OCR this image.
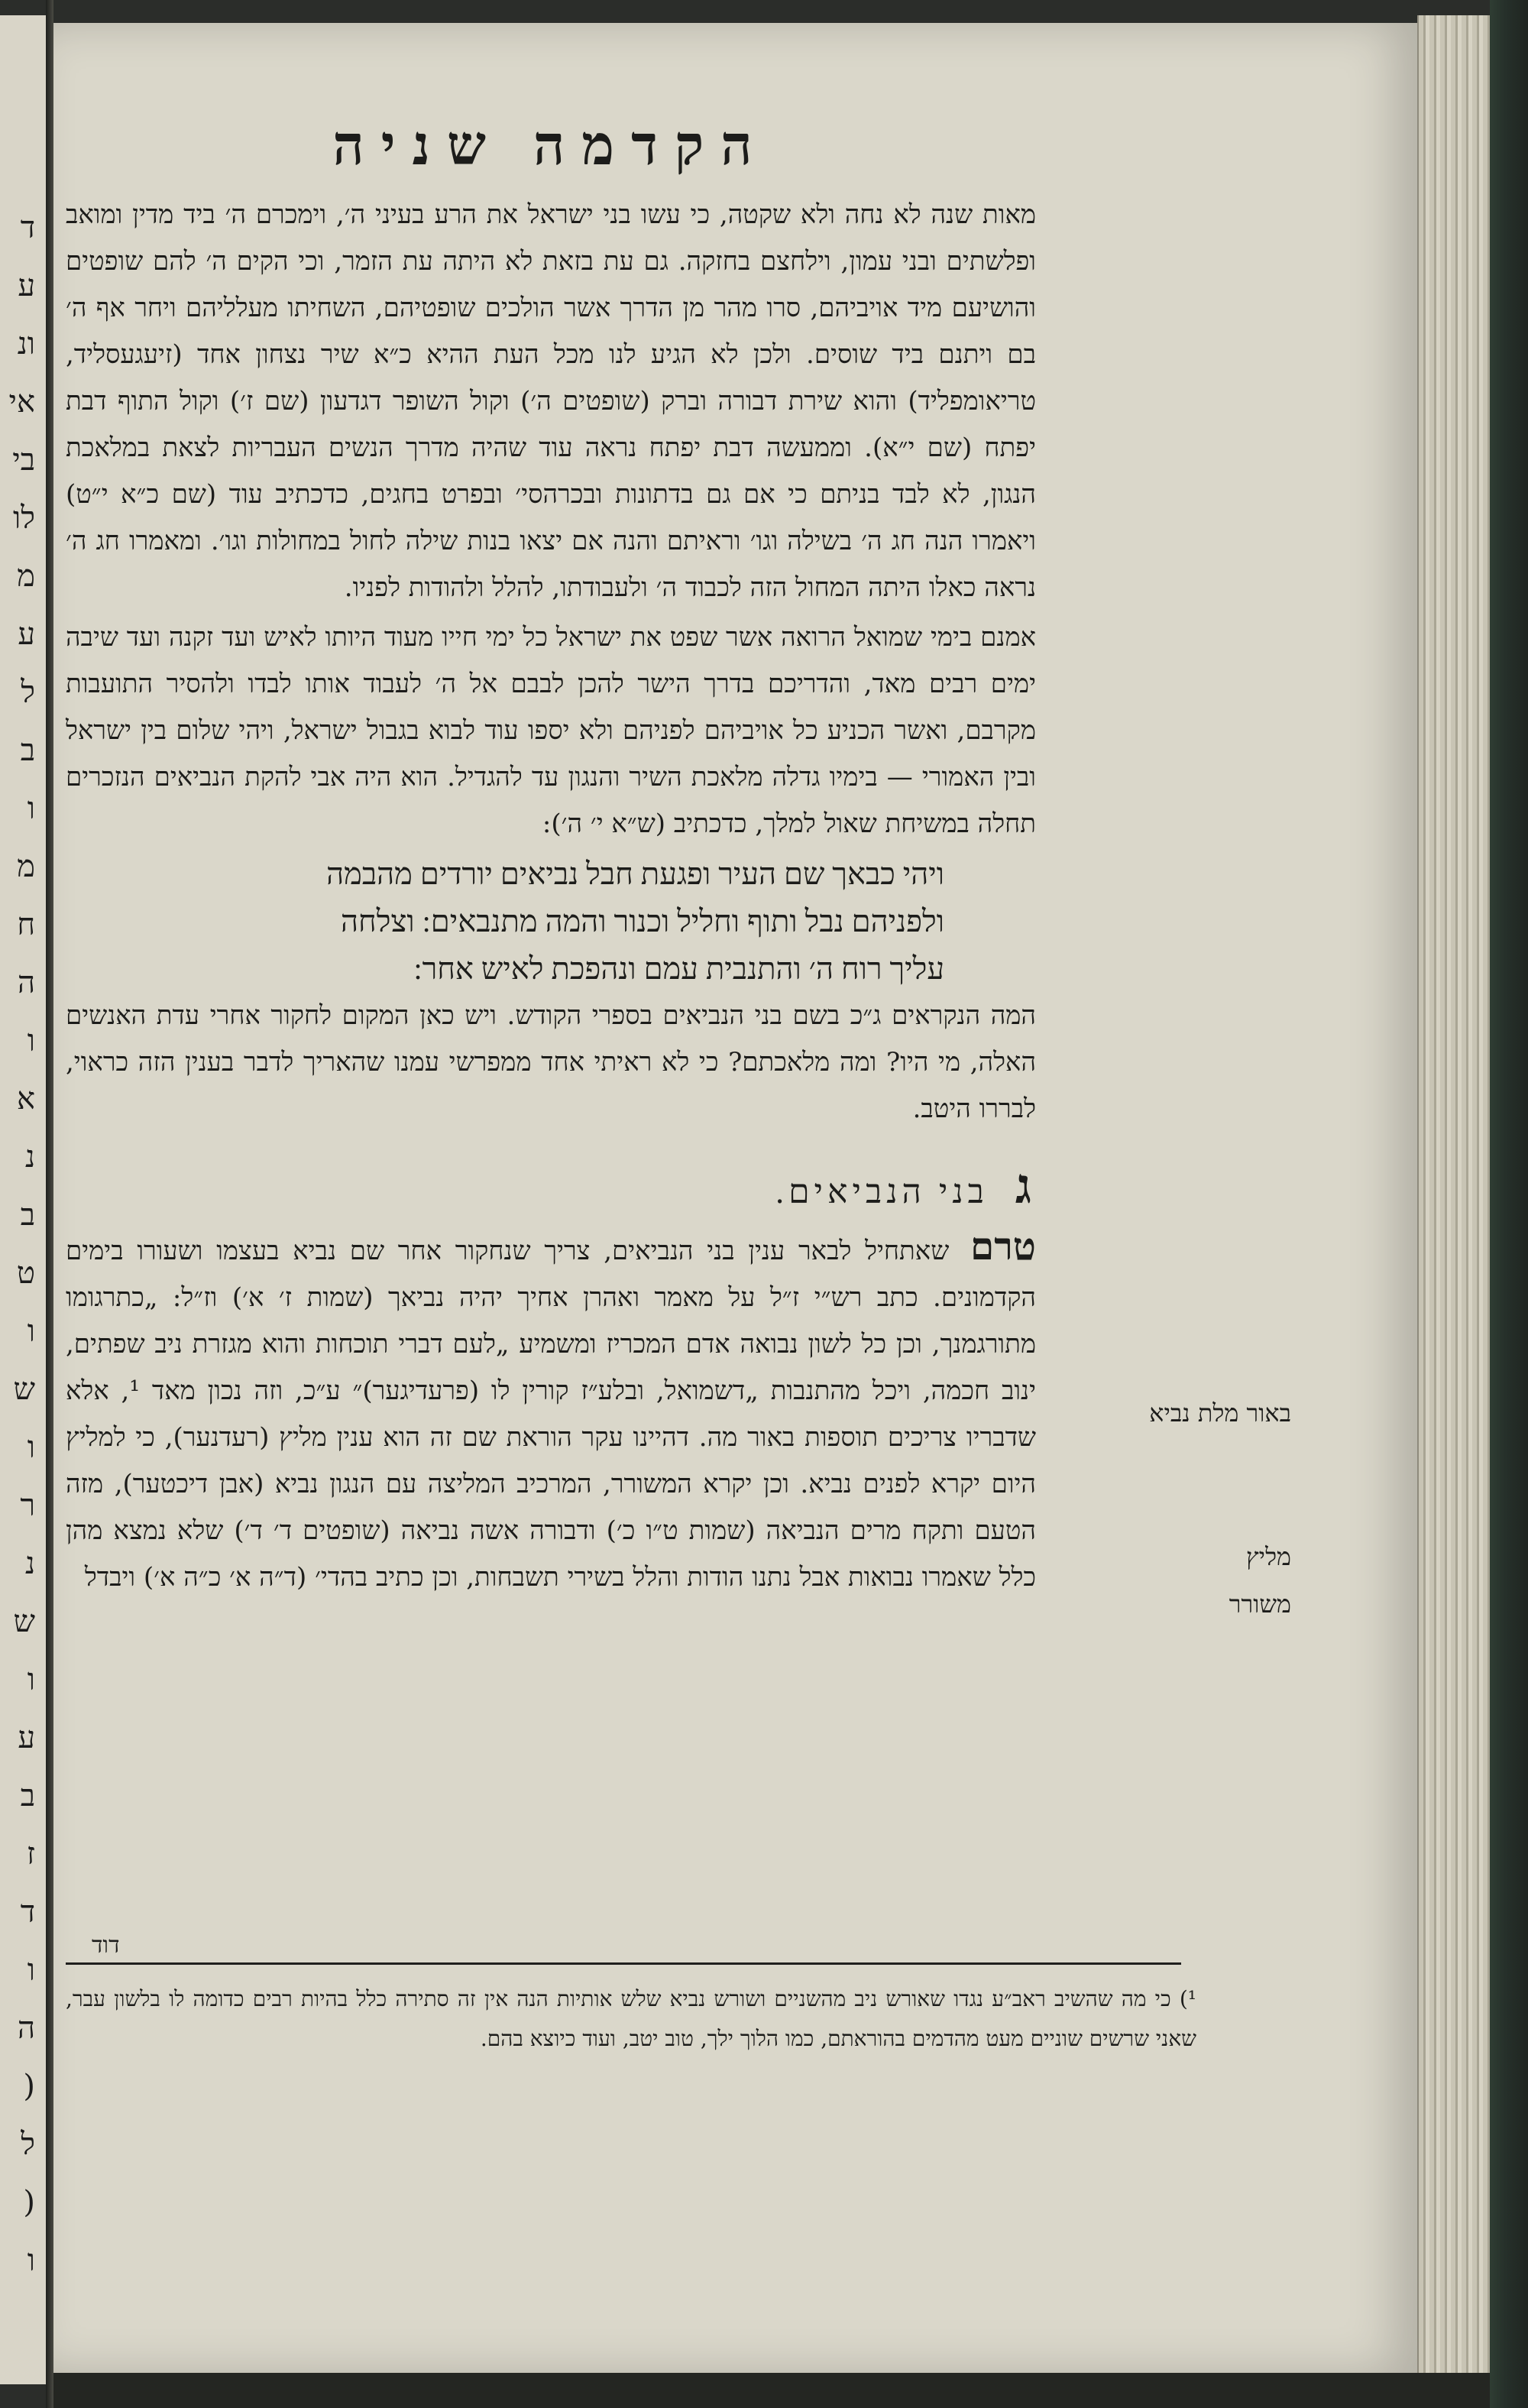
ד
ע
ונ
אי
בי
לו
מ
ע
ל
ב
ו
מ
ח
ה
ו
א
נ
ב
ט
ו
ש
ו
ר
נ
ש
ו
ע
ב
ז
ד
ו
ה
(
ל
(
ו
הקדמה שניה

מאות שנה לא נחה ולא שקטה, כי עשו בני ישראל את הרע בעיני ה׳, וימכרם ה׳ ביד מדין ומואב ופלשתים ובני עמון, וילחצם בחזקה. גם עת בזאת לא היתה עת הזמר, וכי הקים ה׳ להם שופטים והושיעם מיד אויביהם, סרו מהר מן הדרך אשר הולכים שופטיהם, השחיתו מעלליהם ויחר אף ה׳ בם ויתנם ביד שוסים. ולכן לא הגיע לנו מכל העת ההיא כ״א שיר נצחון אחד (זיעגעסליד, טריאומפליד) והוא שירת דבורה וברק (שופטים ה׳) וקול השופר דגדעון (שם ז׳) וקול התוף דבת יפתח (שם י״א). וממעשה דבת יפתח נראה עוד שהיה מדרך הנשים העבריות לצאת במלאכת הנגון, לא לבד בניתם כי אם גם בדתונות ובכרהסי׳ ובפרט בחגים, כדכתיב עוד (שם כ״א י״ט) ויאמרו הנה חג ה׳ בשילה וגו׳ וראיתם והנה אם יצאו בנות שילה לחול במחולות וגו׳. ומאמרו חג ה׳ נראה כאלו היתה המחול הזה לכבוד ה׳ ולעבודתו, להלל ולהודות לפניו.

אמנם בימי שמואל הרואה אשר שפט את ישראל כל ימי חייו מעוד היותו לאיש ועד זקנה ועד שיבה ימים רבים מאד, והדריכם בדרך הישר להכן לבבם אל ה׳ לעבוד אותו לבדו ולהסיר התועבות מקרבם, ואשר הכניע כל אויביהם לפניהם ולא יספו עוד לבוא בגבול ישראל, ויהי שלום בין ישראל ובין האמורי — בימיו גדלה מלאכת השיר והנגון עד להגדיל. הוא היה אבי להקת הנביאים הנזכרים תחלה במשיחת שאול למלך, כדכתיב (ש״א י׳ ה׳):

ויהי כבאך שם העיר ופגעת חבל נביאים יורדים מהבמה
ולפניהם נבל ותוף וחליל וכנור והמה מתנבאים: וצלחה
עליך רוח ה׳ והתנבית עמם ונהפכת לאיש אחר:

המה הנקראים ג״כ בשם בני הנביאים בספרי הקודש. ויש כאן המקום לחקור אחרי עדת האנשים האלה, מי היו? ומה מלאכתם? כי לא ראיתי אחד ממפרשי עמנו שהאריך לדבר בענין הזה כראוי, לבררו היטב.

ג בני הנביאים.

טרם שאתחיל לבאר ענין בני הנביאים, צריך שנחקור אחר שם נביא בעצמו ושעורו בימים הקדמונים. כתב רש״י ז״ל על מאמר ואהרן אחיך יהיה נביאך (שמות ז׳ א׳) וז״ל: „כתרגומו מתורגמנך, וכן כל לשון נבואה אדם המכריז ומשמיע „לעם דברי תוכחות והוא מגזרת ניב שפתים, ינוב חכמה, ויכל מהתנבות „דשמואל, ובלע״ז קורין לו (פרעדיגער)״ ע״כ, וזה נכון מאד ¹, אלא שדבריו צריכים תוספות באור מה. דהיינו עקר הוראת שם זה הוא ענין מליץ (רעדנער), כי למליץ היום יקרא לפנים נביא. וכן יקרא המשורר, המרכיב המליצה עם הנגון נביא (אבן דיכטער), מזה הטעם ותקח מרים הנביאה (שמות ט״ו כ׳) ודבורה אשה נביאה (שופטים ד׳ ד׳) שלא נמצא מהן כלל שאמרו נבואות אבל נתנו הודות והלל בשירי תשבחות, וכן כתיב בהדי׳ (ד״ה א׳ כ״ה א׳) ויבדל

באור מלת נביא
מליץ
משורר
דוד
¹) כי מה שהשיב ראב״ע נגדו שאורש ניב מהשניים ושורש נביא שלש אותיות הנה אין זה סתירה כלל בהיות רבים כדומה לו בלשון עבר, שאני שרשים שוניים מעט מהדמים בהוראתם, כמו הלוך ילך, טוב יטב, ועוד כיוצא בהם.
